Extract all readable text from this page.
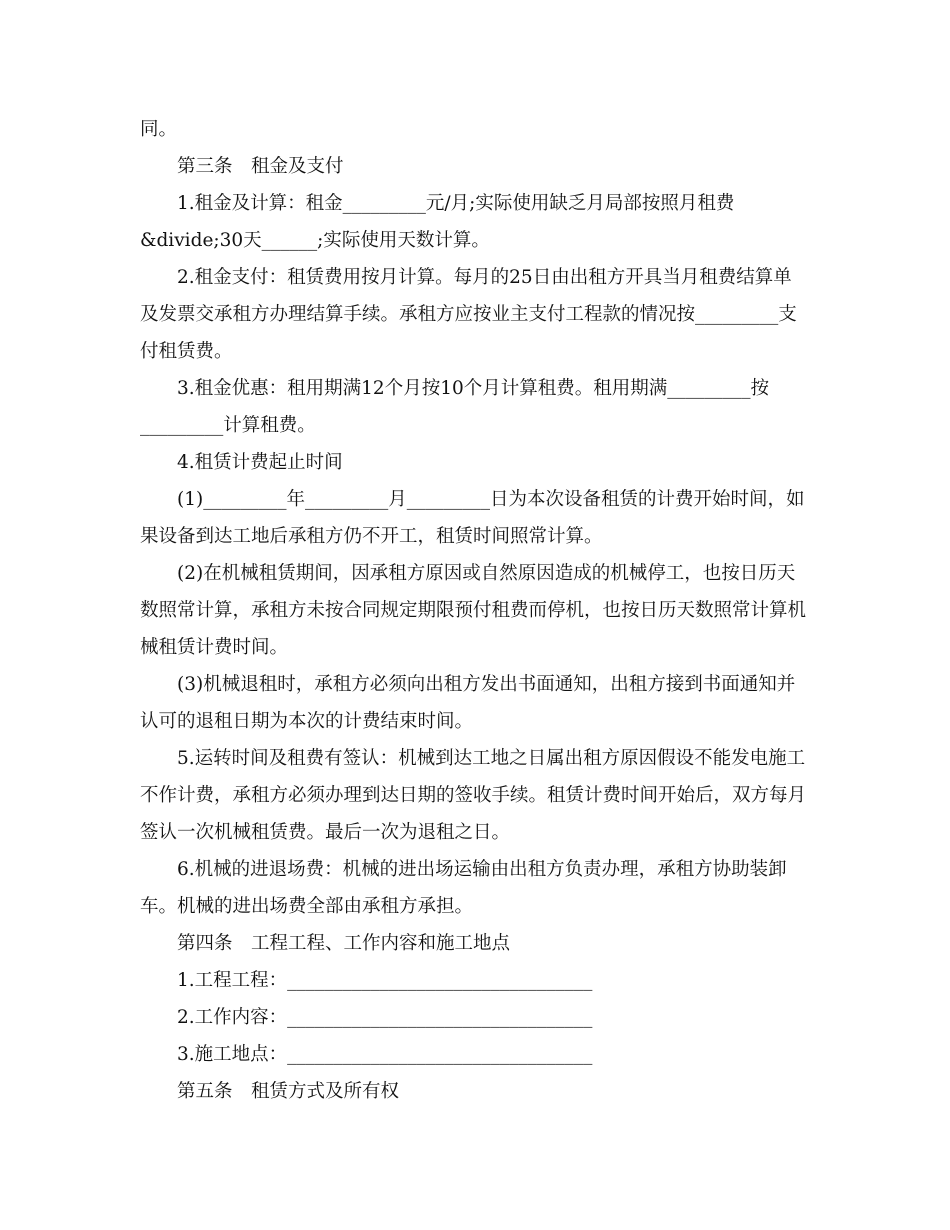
同。
第三条　租金及支付
1.租金及计算：租金_________元/月;实际使用缺乏月局部按照月租费
&divide;30天______;实际使用天数计算。
2.租金支付：租赁费用按月计算。每月的25日由出租方开具当月租费结算单
及发票交承租方办理结算手续。承租方应按业主支付工程款的情况按_________支
付租赁费。
3.租金优惠：租用期满12个月按10个月计算租费。租用期满_________按
_________计算租费。
4.租赁计费起止时间
(1)_________年_________月_________日为本次设备租赁的计费开始时间，如
果设备到达工地后承租方仍不开工，租赁时间照常计算。
(2)在机械租赁期间，因承租方原因或自然原因造成的机械停工，也按日历天
数照常计算，承租方未按合同规定期限预付租费而停机，也按日历天数照常计算机
械租赁计费时间。
(3)机械退租时，承租方必须向出租方发出书面通知，出租方接到书面通知并
认可的退租日期为本次的计费结束时间。
5.运转时间及租费有签认：机械到达工地之日属出租方原因假设不能发电施工
不作计费，承租方必须办理到达日期的签收手续。租赁计费时间开始后，双方每月
签认一次机械租赁费。最后一次为退租之日。
6.机械的进退场费：机械的进出场运输由出租方负责办理，承租方协助装卸
车。机械的进出场费全部由承租方承担。
第四条　工程工程、工作内容和施工地点
1.工程工程：_________________________________
2.工作内容：_________________________________
3.施工地点：_________________________________
第五条　租赁方式及所有权
